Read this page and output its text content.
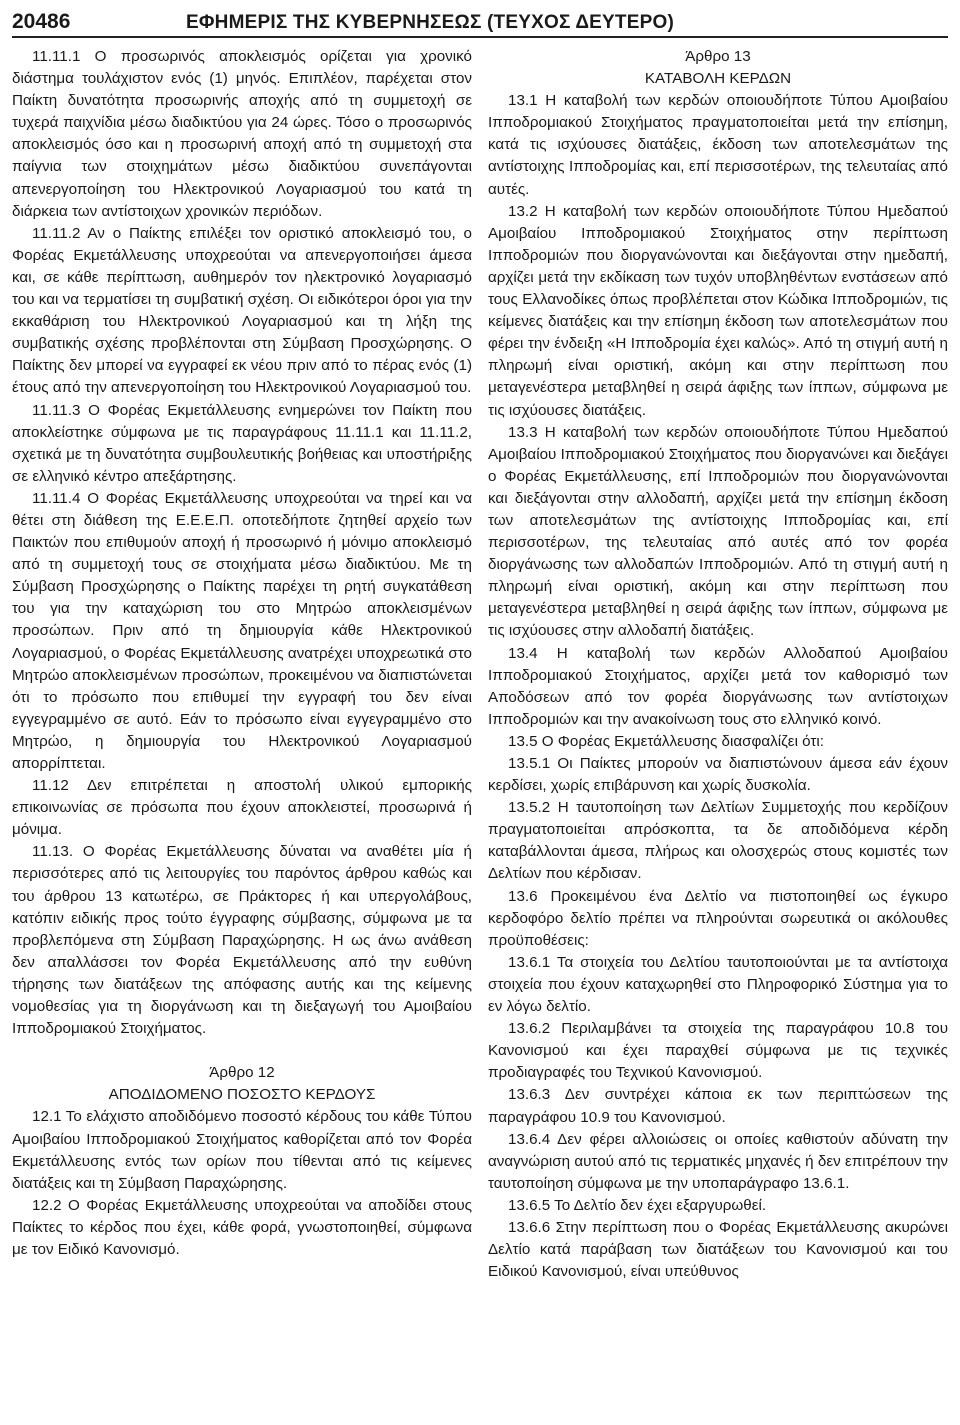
20486	ΕΦΗΜΕΡΙΣ ΤΗΣ ΚΥΒΕΡΝΗΣΕΩΣ (ΤΕΥΧΟΣ ΔΕΥΤΕΡΟ)

11.11.1 Ο προσωρινός αποκλεισμός ορίζεται για χρονικό διάστημα τουλάχιστον ενός (1) μηνός. Επιπλέον, παρέχεται στον Παίκτη δυνατότητα προσωρινής αποχής από τη συμμετοχή σε τυχερά παιχνίδια μέσω διαδικτύου για 24 ώρες. Τόσο ο προσωρινός αποκλεισμός όσο και η προσωρινή αποχή από τη συμμετοχή στα παίγνια των στοιχημάτων μέσω διαδικτύου συνεπάγονται απενεργοποίηση του Ηλεκτρονικού Λογαριασμού του κατά τη διάρκεια των αντίστοιχων χρονικών περιόδων.

11.11.2 Αν ο Παίκτης επιλέξει τον οριστικό αποκλεισμό του, ο Φορέας Εκμετάλλευσης υποχρεούται να απενεργοποιήσει άμεσα και, σε κάθε περίπτωση, αυθημερόν τον ηλεκτρονικό λογαριασμό του και να τερματίσει τη συμβατική σχέση. Οι ειδικότεροι όροι για την εκκαθάριση του Ηλεκτρονικού Λογαριασμού και τη λήξη της συμβατικής σχέσης προβλέπονται στη Σύμβαση Προσχώρησης. Ο Παίκτης δεν μπορεί να εγγραφεί εκ νέου πριν από το πέρας ενός (1) έτους από την απενεργοποίηση του Ηλεκτρονικού Λογαριασμού του.

11.11.3 Ο Φορέας Εκμετάλλευσης ενημερώνει τον Παίκτη που αποκλείστηκε σύμφωνα με τις παραγράφους 11.11.1 και 11.11.2, σχετικά με τη δυνατότητα συμβουλευτικής βοήθειας και υποστήριξης σε ελληνικό κέντρο απεξάρτησης.

11.11.4 Ο Φορέας Εκμετάλλευσης υποχρεούται να τηρεί και να θέτει στη διάθεση της Ε.Ε.Ε.Π. οποτεδήποτε ζητηθεί αρχείο των Παικτών που επιθυμούν αποχή ή προσωρινό ή μόνιμο αποκλεισμό από τη συμμετοχή τους σε στοιχήματα μέσω διαδικτύου. Με τη Σύμβαση Προσχώρησης ο Παίκτης παρέχει τη ρητή συγκατάθεση του για την καταχώριση του στο Μητρώο αποκλεισμένων προσώπων. Πριν από τη δημιουργία κάθε Ηλεκτρονικού Λογαριασμού, ο Φορέας Εκμετάλλευσης ανατρέχει υποχρεωτικά στο Μητρώο αποκλεισμένων προσώπων, προκειμένου να διαπιστώνεται ότι το πρόσωπο που επιθυμεί την εγγραφή του δεν είναι εγγεγραμμένο σε αυτό. Εάν το πρόσωπο είναι εγγεγραμμένο στο Μητρώο, η δημιουργία του Ηλεκτρονικού Λογαριασμού απορρίπτεται.

11.12 Δεν επιτρέπεται η αποστολή υλικού εμπορικής επικοινωνίας σε πρόσωπα που έχουν αποκλειστεί, προσωρινά ή μόνιμα.

11.13. Ο Φορέας Εκμετάλλευσης δύναται να αναθέτει μία ή περισσότερες από τις λειτουργίες του παρόντος άρθρου καθώς και του άρθρου 13 κατωτέρω, σε Πράκτορες ή και υπεργολάβους, κατόπιν ειδικής προς τούτο έγγραφης σύμβασης, σύμφωνα με τα προβλεπόμενα στη Σύμβαση Παραχώρησης. Η ως άνω ανάθεση δεν απαλλάσσει τον Φορέα Εκμετάλλευσης από την ευθύνη τήρησης των διατάξεων της απόφασης αυτής και της κείμενης νομοθεσίας για τη διοργάνωση και τη διεξαγωγή του Αμοιβαίου Ιπποδρομιακού Στοιχήματος.

Άρθρο 12

ΑΠΟΔΙΔΟΜΕΝΟ ΠΟΣΟΣΤΟ ΚΕΡΔΟΥΣ

12.1 Το ελάχιστο αποδιδόμενο ποσοστό κέρδους του κάθε Τύπου Αμοιβαίου Ιπποδρομιακού Στοιχήματος καθορίζεται από τον Φορέα Εκμετάλλευσης εντός των ορίων που τίθενται από τις κείμενες διατάξεις και τη Σύμβαση Παραχώρησης.

12.2 Ο Φορέας Εκμετάλλευσης υποχρεούται να αποδίδει στους Παίκτες το κέρδος που έχει, κάθε φορά, γνωστοποιηθεί, σύμφωνα με τον Ειδικό Κανονισμό.

Άρθρο 13

ΚΑΤΑΒΟΛΗ ΚΕΡΔΩΝ

13.1 Η καταβολή των κερδών οποιουδήποτε Τύπου Αμοιβαίου Ιπποδρομιακού Στοιχήματος πραγματοποιείται μετά την επίσημη, κατά τις ισχύουσες διατάξεις, έκδοση των αποτελεσμάτων της αντίστοιχης Ιπποδρομίας και, επί περισσοτέρων, της τελευταίας από αυτές.

13.2 Η καταβολή των κερδών οποιουδήποτε Τύπου Ημεδαπού Αμοιβαίου Ιπποδρομιακού Στοιχήματος στην περίπτωση Ιπποδρομιών που διοργανώνονται και διεξάγονται στην ημεδαπή, αρχίζει μετά την εκδίκαση των τυχόν υποβληθέντων ενστάσεων από τους Ελλανοδίκες όπως προβλέπεται στον Κώδικα Ιπποδρομιών, τις κείμενες διατάξεις και την επίσημη έκδοση των αποτελεσμάτων που φέρει την ένδειξη «Η Ιπποδρομία έχει καλώς». Από τη στιγμή αυτή η πληρωμή είναι οριστική, ακόμη και στην περίπτωση που μεταγενέστερα μεταβληθεί η σειρά άφιξης των ίππων, σύμφωνα με τις ισχύουσες διατάξεις.

13.3 Η καταβολή των κερδών οποιουδήποτε Τύπου Ημεδαπού Αμοιβαίου Ιπποδρομιακού Στοιχήματος που διοργανώνει και διεξάγει ο Φορέας Εκμετάλλευσης, επί Ιπποδρομιών που διοργανώνονται και διεξάγονται στην αλλοδαπή, αρχίζει μετά την επίσημη έκδοση των αποτελεσμάτων της αντίστοιχης Ιπποδρομίας και, επί περισσοτέρων, της τελευταίας από αυτές από τον φορέα διοργάνωσης των αλλοδαπών Ιπποδρομιών. Από τη στιγμή αυτή η πληρωμή είναι οριστική, ακόμη και στην περίπτωση που μεταγενέστερα μεταβληθεί η σειρά άφιξης των ίππων, σύμφωνα με τις ισχύουσες στην αλλοδαπή διατάξεις.

13.4 Η καταβολή των κερδών Αλλοδαπού Αμοιβαίου Ιπποδρομιακού Στοιχήματος, αρχίζει μετά τον καθορισμό των Αποδόσεων από τον φορέα διοργάνωσης των αντίστοιχων Ιπποδρομιών και την ανακοίνωση τους στο ελληνικό κοινό.

13.5 Ο Φορέας Εκμετάλλευσης διασφαλίζει ότι:

13.5.1 Οι Παίκτες μπορούν να διαπιστώνουν άμεσα εάν έχουν κερδίσει, χωρίς επιβάρυνση και χωρίς δυσκολία.

13.5.2 Η ταυτοποίηση των Δελτίων Συμμετοχής που κερδίζουν πραγματοποιείται απρόσκοπτα, τα δε αποδιδόμενα κέρδη καταβάλλονται άμεσα, πλήρως και ολοσχερώς στους κομιστές των Δελτίων που κέρδισαν.

13.6 Προκειμένου ένα Δελτίο να πιστοποιηθεί ως έγκυρο κερδοφόρο δελτίο πρέπει να πληρούνται σωρευτικά οι ακόλουθες προϋποθέσεις:

13.6.1 Τα στοιχεία του Δελτίου ταυτοποιούνται με τα αντίστοιχα στοιχεία που έχουν καταχωρηθεί στο Πληροφορικό Σύστημα για το εν λόγω δελτίο.

13.6.2 Περιλαμβάνει τα στοιχεία της παραγράφου 10.8 του Κανονισμού και έχει παραχθεί σύμφωνα με τις τεχνικές προδιαγραφές του Τεχνικού Κανονισμού.

13.6.3 Δεν συντρέχει κάποια εκ των περιπτώσεων της παραγράφου 10.9 του Κανονισμού.

13.6.4 Δεν φέρει αλλοιώσεις οι οποίες καθιστούν αδύνατη την αναγνώριση αυτού από τις τερματικές μηχανές ή δεν επιτρέπουν την ταυτοποίηση σύμφωνα με την υποπαράγραφο 13.6.1.

13.6.5 Το Δελτίο δεν έχει εξαργυρωθεί.

13.6.6 Στην περίπτωση που ο Φορέας Εκμετάλλευσης ακυρώνει Δελτίο κατά παράβαση των διατάξεων του Κανονισμού και του Ειδικού Κανονισμού, είναι υπεύθυνος
